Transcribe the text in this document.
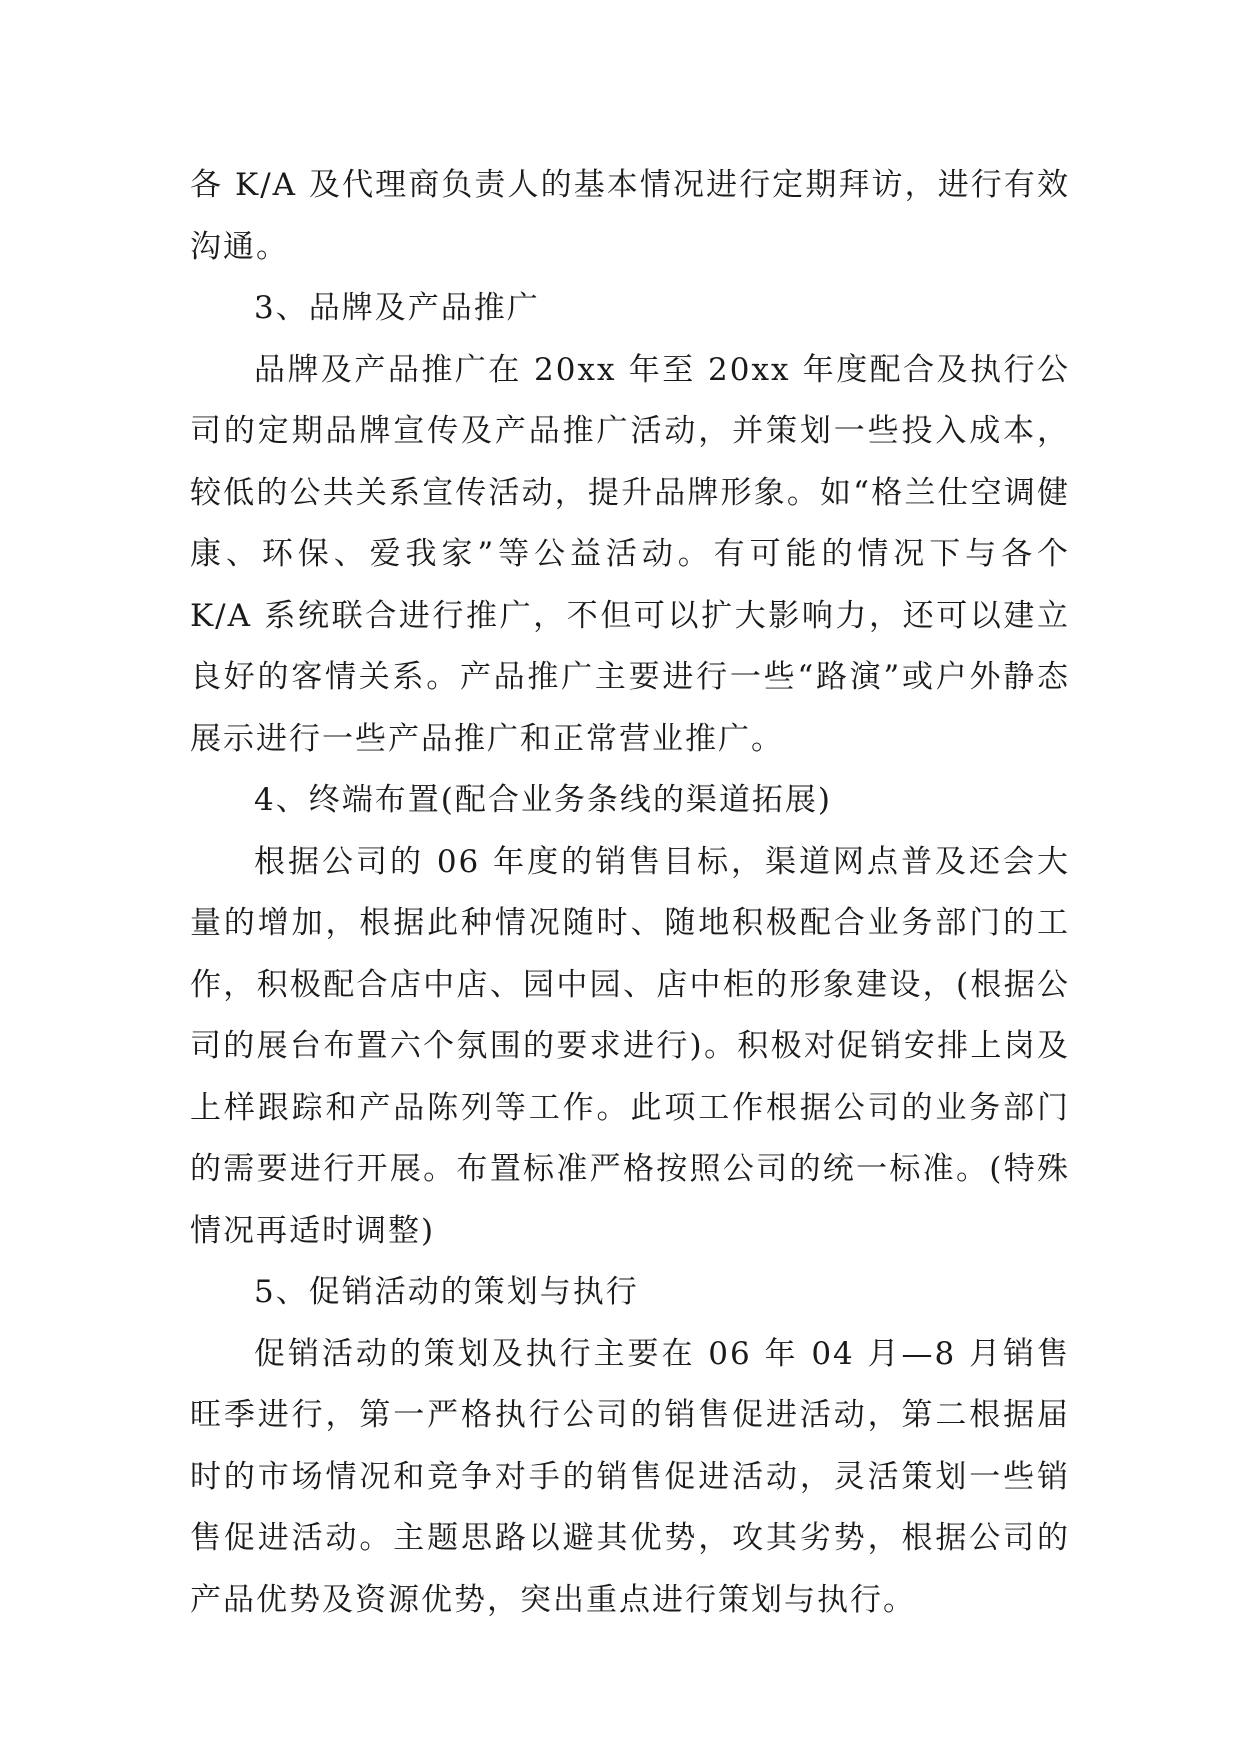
各 K/A 及代理商负责人的基本情况进行定期拜访，进行有效沟通。

3、品牌及产品推广

品牌及产品推广在 20xx 年至 20xx 年度配合及执行公司的定期品牌宣传及产品推广活动，并策划一些投入成本，较低的公共关系宣传活动，提升品牌形象。如“格兰仕空调健康、环保、爱我家”等公益活动。有可能的情况下与各个 K/A 系统联合进行推广，不但可以扩大影响力，还可以建立良好的客情关系。产品推广主要进行一些“路演”或户外静态展示进行一些产品推广和正常营业推广。

4、终端布置(配合业务条线的渠道拓展)

根据公司的 06 年度的销售目标，渠道网点普及还会大量的增加，根据此种情况随时、随地积极配合业务部门的工作，积极配合店中店、园中园、店中柜的形象建设，(根据公司的展台布置六个氛围的要求进行)。积极对促销安排上岗及上样跟踪和产品陈列等工作。此项工作根据公司的业务部门的需要进行开展。布置标准严格按照公司的统一标准。(特殊情况再适时调整)

5、促销活动的策划与执行

促销活动的策划及执行主要在 06 年 04 月—8 月销售旺季进行，第一严格执行公司的销售促进活动，第二根据届时的市场情况和竞争对手的销售促进活动，灵活策划一些销售促进活动。主题思路以避其优势，攻其劣势，根据公司的产品优势及资源优势，突出重点进行策划与执行。
